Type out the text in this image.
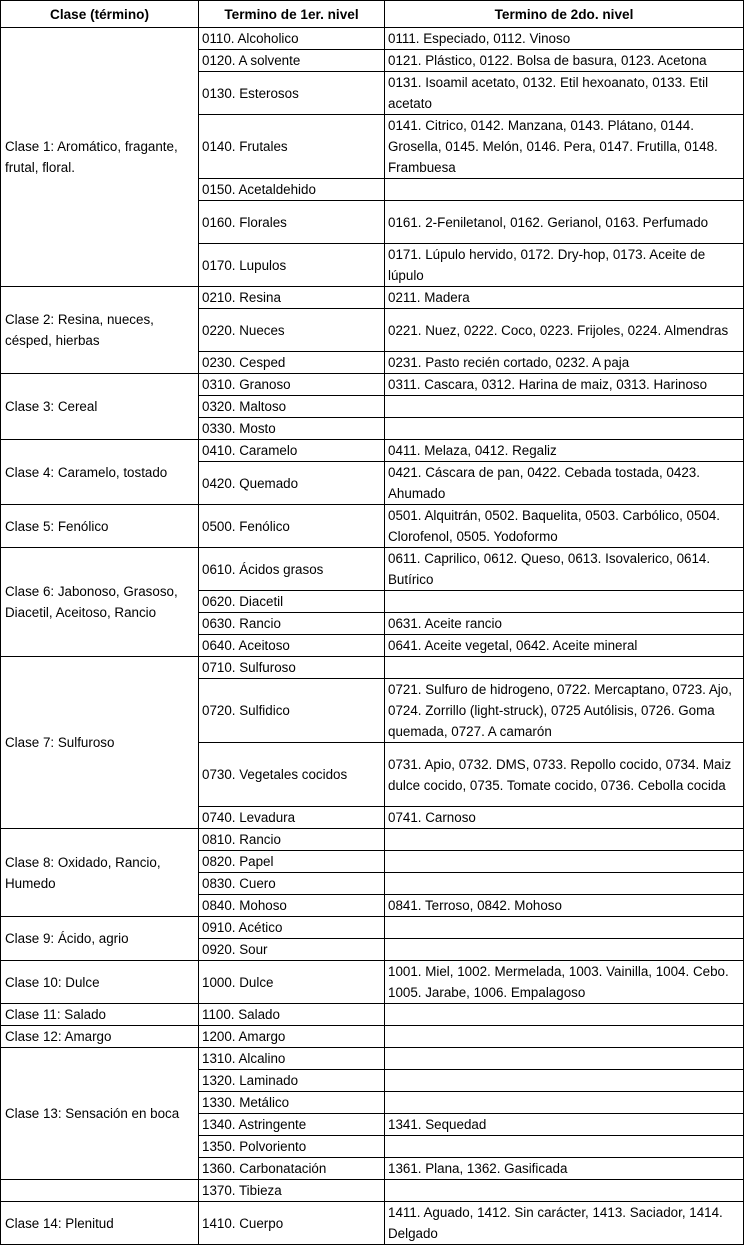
Clase (término)	Termino de 1er. nivel	Termino de 2do. nivel
Clase 1: Aromático, fragante, frutal, floral.	0110. Alcoholico	0111. Especiado, 0112. Vinoso
	0120. A solvente	0121. Plástico, 0122. Bolsa de basura, 0123. Acetona
	0130. Esterosos	0131. Isoamil acetato, 0132. Etil hexoanato, 0133. Etil acetato
	0140. Frutales	0141. Citrico, 0142. Manzana, 0143. Plátano, 0144. Grosella, 0145. Melón, 0146. Pera, 0147. Frutilla, 0148. Frambuesa
	0150. Acetaldehido	
	0160. Florales	0161. 2-Feniletanol, 0162. Gerianol, 0163. Perfumado
	0170. Lupulos	0171. Lúpulo hervido, 0172. Dry-hop, 0173. Aceite de lúpulo
Clase 2: Resina, nueces, césped, hierbas	0210. Resina	0211. Madera
	0220. Nueces	0221. Nuez, 0222. Coco, 0223. Frijoles, 0224. Almendras
	0230. Cesped	0231. Pasto recién cortado, 0232. A paja
Clase 3: Cereal	0310. Granoso	0311. Cascara, 0312. Harina de maiz, 0313. Harinoso
	0320. Maltoso	
	0330. Mosto	
Clase 4: Caramelo, tostado	0410. Caramelo	0411. Melaza, 0412. Regaliz
	0420. Quemado	0421. Cáscara de pan, 0422. Cebada tostada, 0423. Ahumado
Clase 5: Fenólico	0500. Fenólico	0501. Alquitrán, 0502. Baquelita, 0503. Carbólico, 0504. Clorofenol, 0505. Yodoformo
Clase 6: Jabonoso, Grasoso, Diacetil, Aceitoso, Rancio	0610. Ácidos grasos	0611. Caprilico, 0612. Queso, 0613. Isovalerico, 0614. Butírico
	0620. Diacetil	
	0630. Rancio	0631. Aceite rancio
	0640. Aceitoso	0641. Aceite vegetal, 0642. Aceite mineral
Clase 7: Sulfuroso	0710. Sulfuroso	
	0720. Sulfidico	0721. Sulfuro de hidrogeno, 0722. Mercaptano, 0723. Ajo, 0724. Zorrillo (light-struck), 0725 Autólisis, 0726. Goma quemada, 0727. A camarón
	0730. Vegetales cocidos	0731. Apio, 0732. DMS, 0733. Repollo cocido, 0734. Maiz dulce cocido, 0735. Tomate cocido, 0736. Cebolla cocida
	0740. Levadura	0741. Carnoso
Clase 8: Oxidado, Rancio, Humedo	0810. Rancio	
	0820. Papel	
	0830. Cuero	
	0840. Mohoso	0841. Terroso, 0842. Mohoso
Clase 9: Ácido, agrio	0910. Acético	
	0920. Sour	
Clase 10: Dulce	1000. Dulce	1001. Miel, 1002. Mermelada, 1003. Vainilla, 1004. Cebo. 1005. Jarabe, 1006. Empalagoso
Clase 11: Salado	1100. Salado	
Clase 12: Amargo	1200. Amargo	
Clase 13: Sensación en boca	1310. Alcalino	
	1320. Laminado	
	1330. Metálico	
	1340. Astringente	1341. Sequedad
	1350. Polvoriento	
	1360. Carbonatación	1361. Plana, 1362. Gasificada
	1370. Tibieza	
Clase 14: Plenitud	1410. Cuerpo	1411. Aguado, 1412. Sin carácter, 1413. Saciador, 1414. Delgado
